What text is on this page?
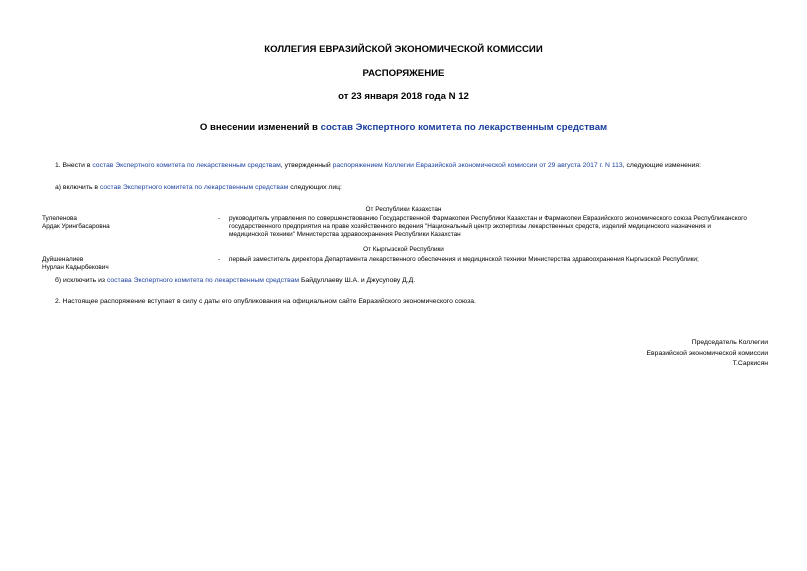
КОЛЛЕГИЯ ЕВРАЗИЙСКОЙ ЭКОНОМИЧЕСКОЙ КОМИССИИ
РАСПОРЯЖЕНИЕ
от 23 января 2018 года N 12
О внесении изменений в состав Экспертного комитета по лекарственным средствам
1. Внести в состав Экспертного комитета по лекарственным средствам, утвержденный распоряжением Коллегии Евразийской экономической комиссии от 29 августа 2017 г. N 113, следующие изменения:
а) включить в состав Экспертного комитета по лекарственным средствам следующих лиц:
От Республики Казахстан
Тулеленова
Ардак Урингбасаровна
- руководитель управления по совершенствованию Государственной Фармакопеи Республики Казахстан и Фармакопеи Евразийского экономического союза Республиканского
государственного предприятия на праве хозяйственного ведения "Национальный центр экспертизы лекарственных средств, изделий медицинского назначения и
медицинской техники" Министерства здравоохранения Республики Казахстан
От Кыргызской Республики
Дуйшеналиев
Нурлан Кадырбекович
- первый заместитель директора Департамента лекарственного обеспечения и медицинской техники Министерства здравоохранения Кыргызской Республики;
б) исключить из состава Экспертного комитета по лекарственным средствам Байдуллаеву Ш.А. и Джусупову Д.Д.
2. Настоящее распоряжение вступает в силу с даты его опубликования на официальном сайте Евразийского экономического союза.
Председатель Коллегии
Евразийской экономической комиссии
Т.Саркисян
